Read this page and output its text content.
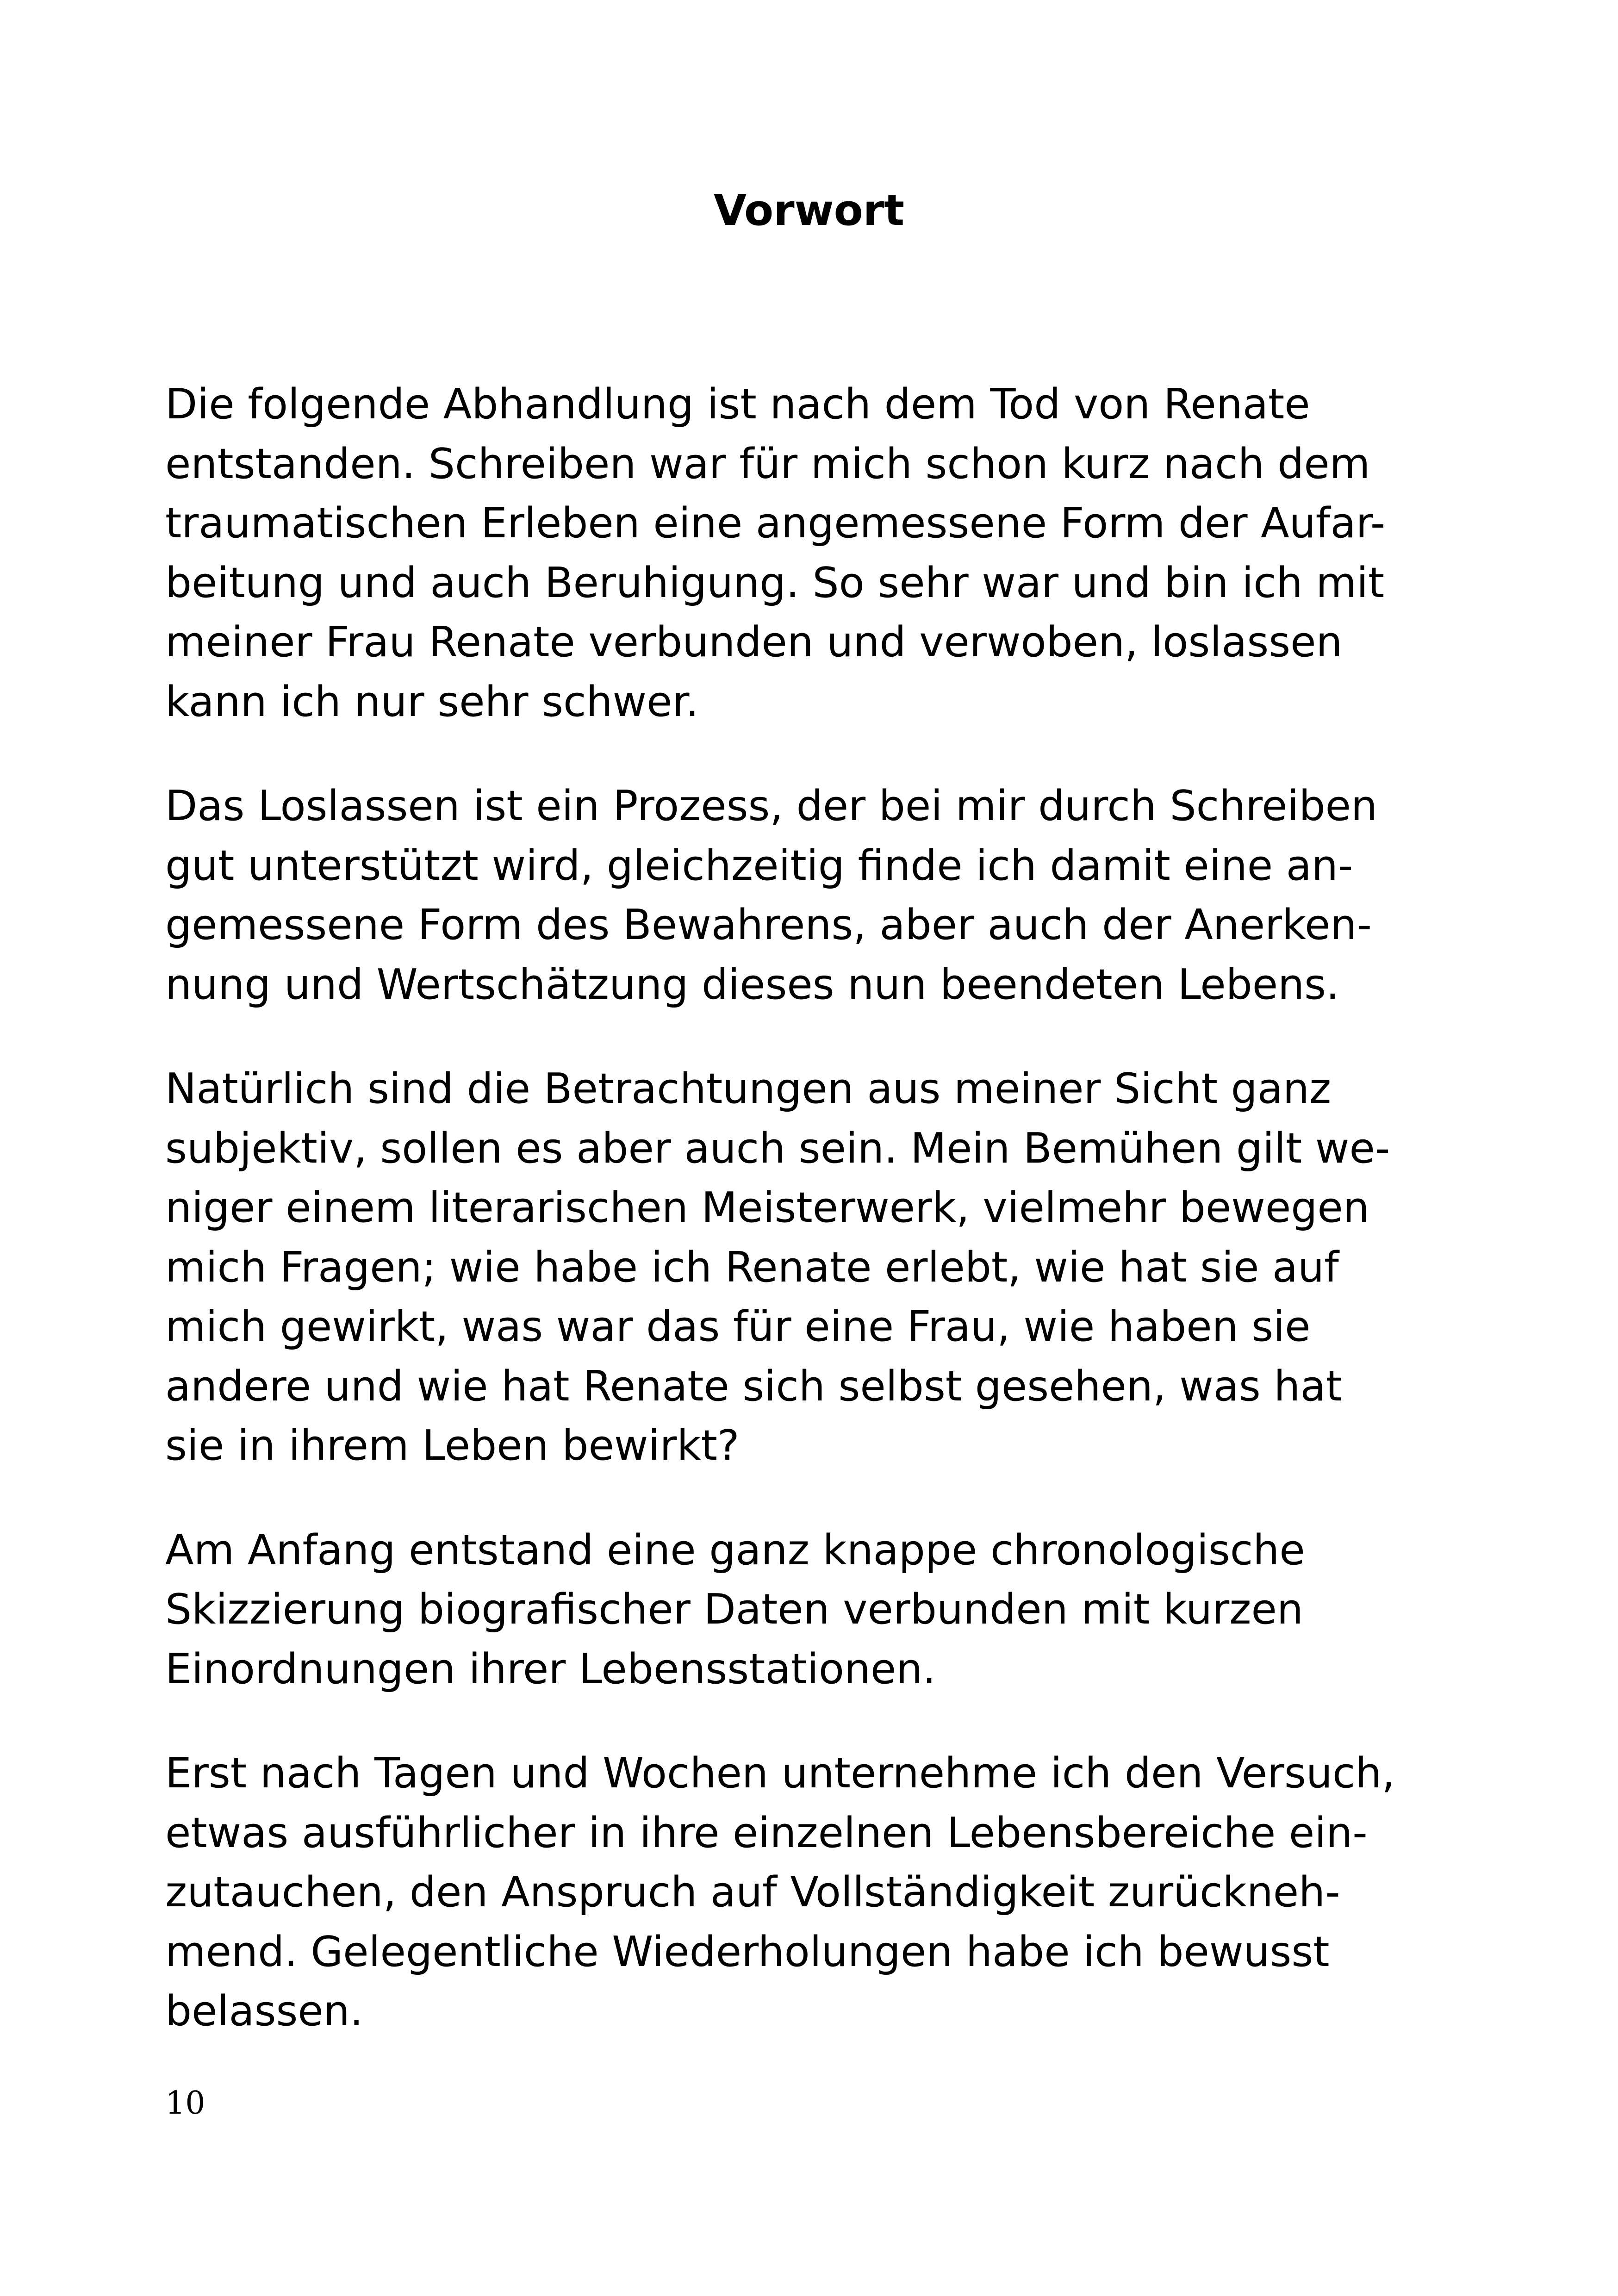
Vorwort

Die folgende Abhandlung ist nach dem Tod von Renate
entstanden. Schreiben war für mich schon kurz nach dem
traumatischen Erleben eine angemessene Form der Aufar-
beitung und auch Beruhigung. So sehr war und bin ich mit
meiner Frau Renate verbunden und verwoben, loslassen
kann ich nur sehr schwer.

Das Loslassen ist ein Prozess, der bei mir durch Schreiben
gut unterstützt wird, gleichzeitig finde ich damit eine an-
gemessene Form des Bewahrens, aber auch der Anerken-
nung und Wertschätzung dieses nun beendeten Lebens.

Natürlich sind die Betrachtungen aus meiner Sicht ganz
subjektiv, sollen es aber auch sein. Mein Bemühen gilt we-
niger einem literarischen Meisterwerk, vielmehr bewegen
mich Fragen; wie habe ich Renate erlebt, wie hat sie auf
mich gewirkt, was war das für eine Frau, wie haben sie
andere und wie hat Renate sich selbst gesehen, was hat
sie in ihrem Leben bewirkt?

Am Anfang entstand eine ganz knappe chronologische
Skizzierung biografischer Daten verbunden mit kurzen
Einordnungen ihrer Lebensstationen.

Erst nach Tagen und Wochen unternehme ich den Versuch,
etwas ausführlicher in ihre einzelnen Lebensbereiche ein-
zutauchen, den Anspruch auf Vollständigkeit zurückneh-
mend. Gelegentliche Wiederholungen habe ich bewusst
belassen.

10
